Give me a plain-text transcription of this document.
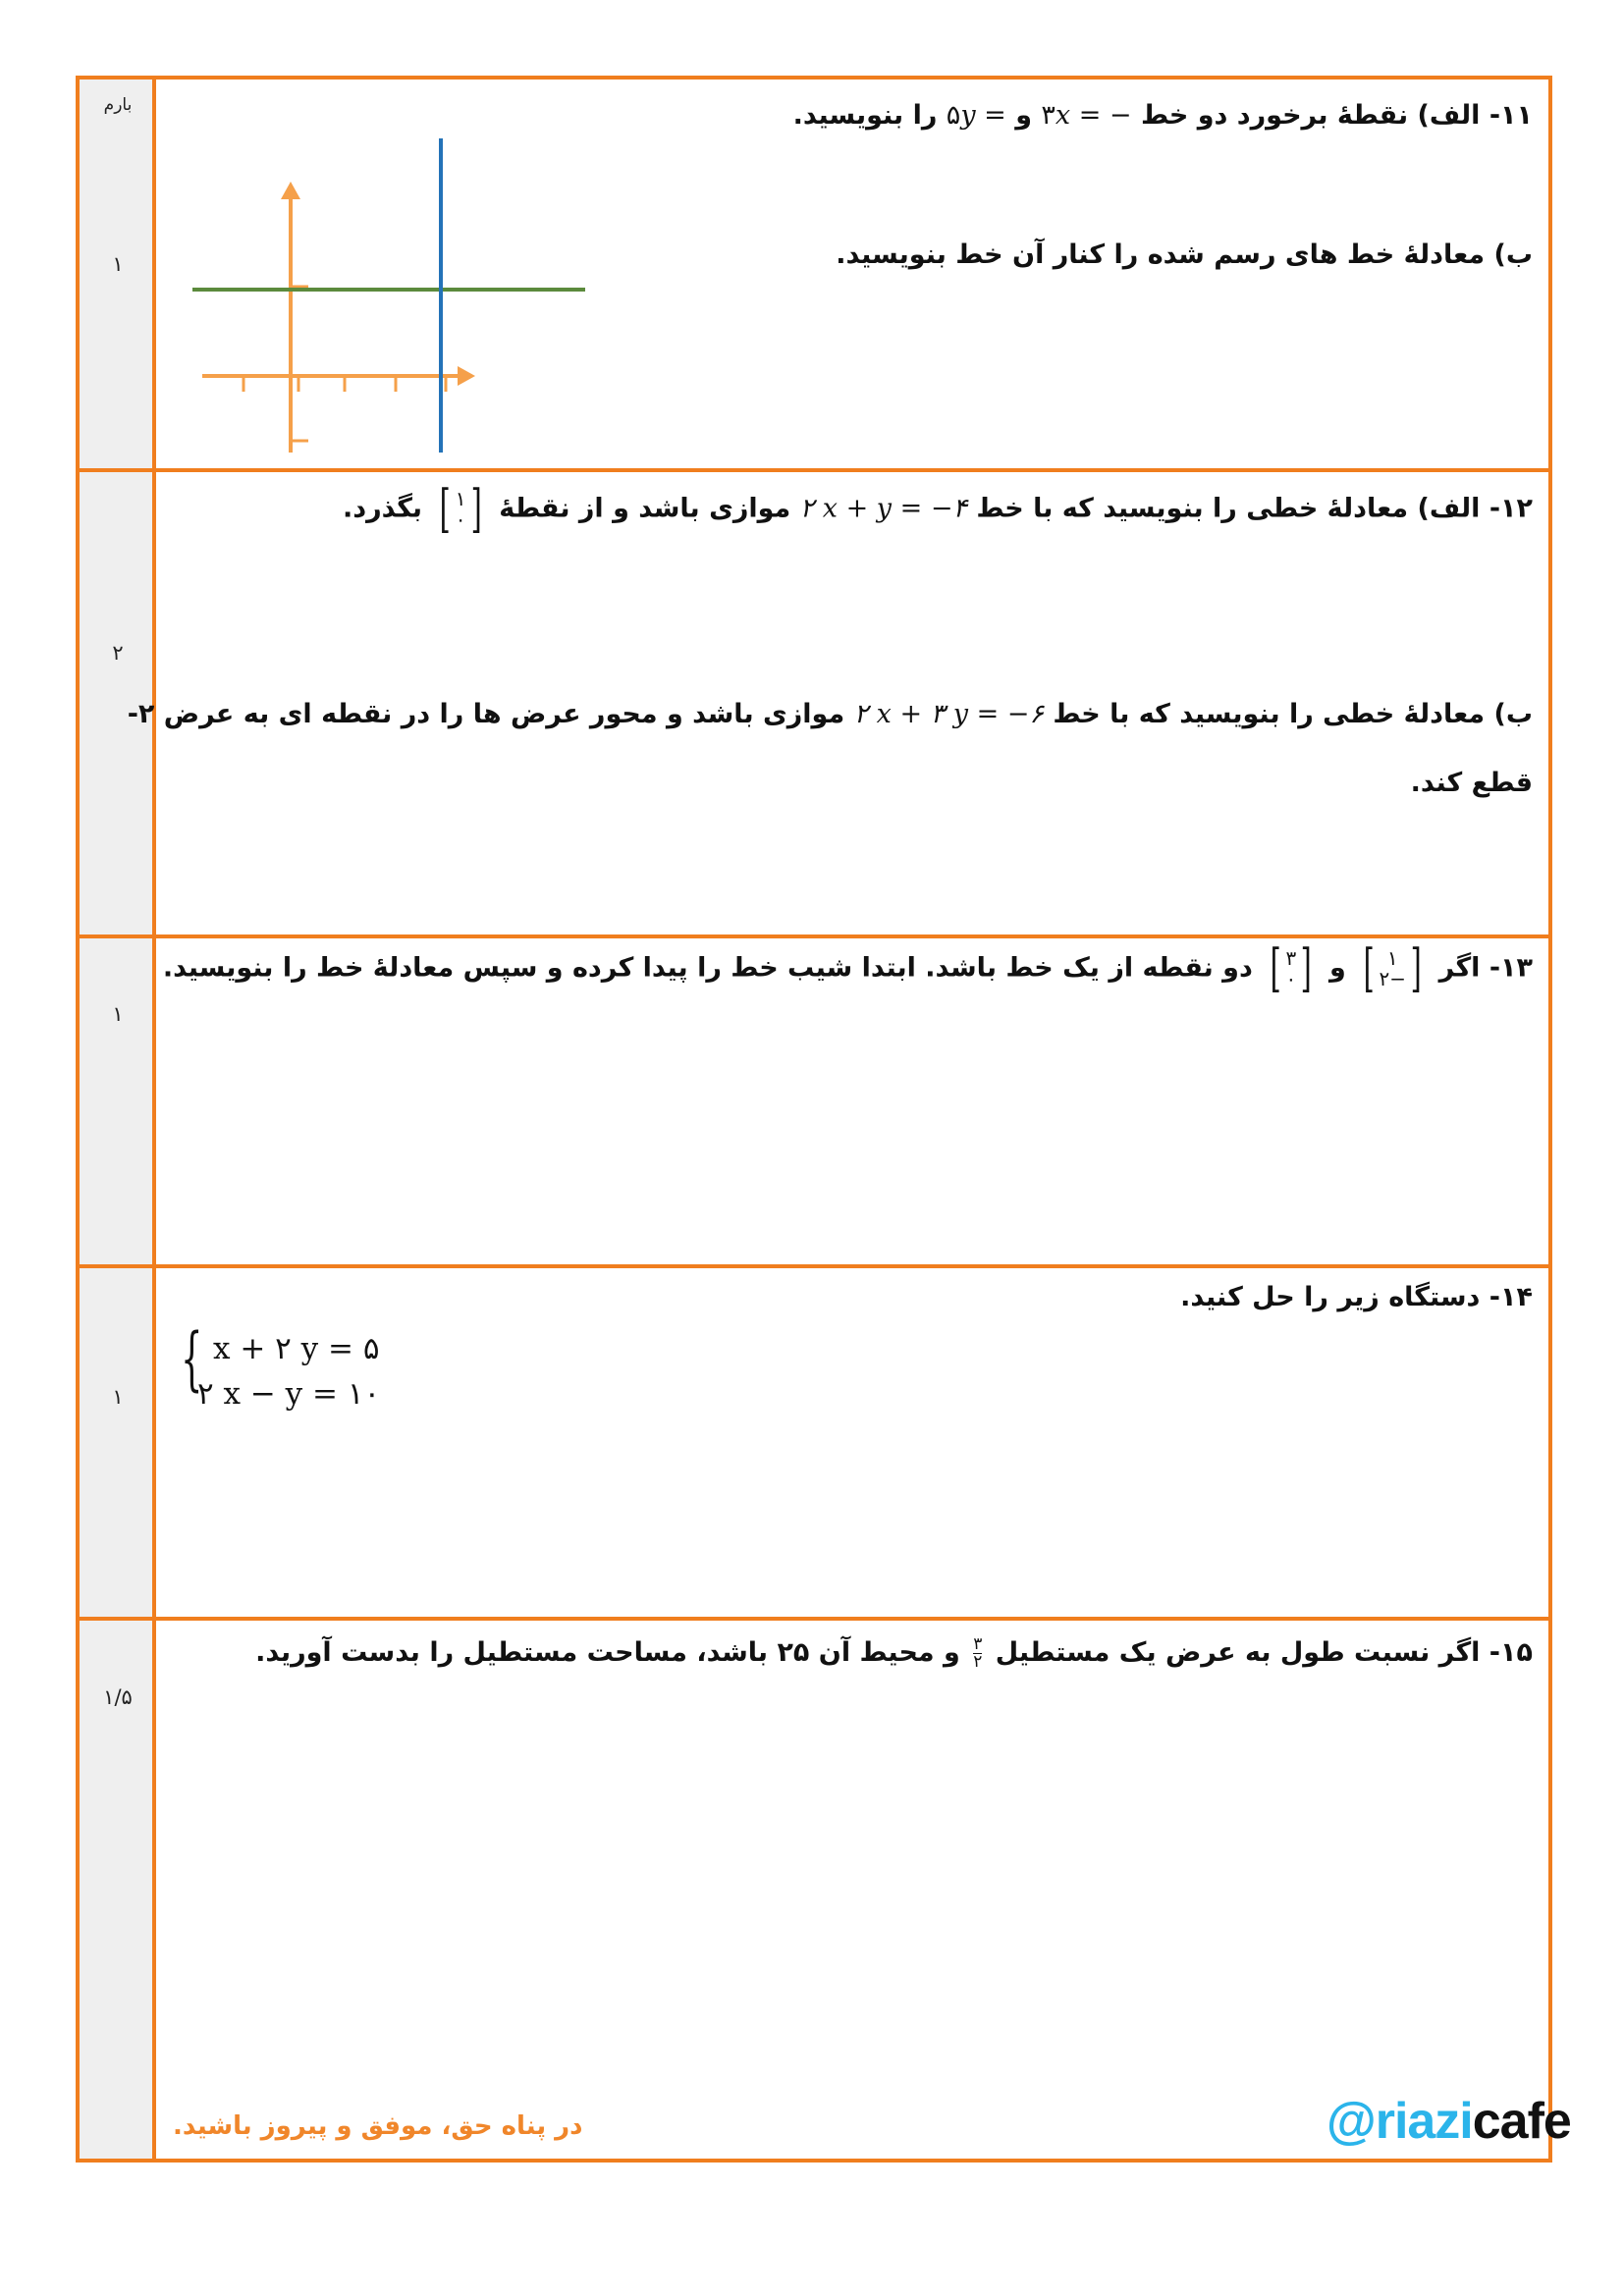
بارم
۱
۲
۱
۱
۱/۵
۱۱- الف) نقطهٔ برخورد دو خط ۳x = − و ۵y = را بنویسید.
ب) معادلهٔ خط های رسم شده را کنار آن خط بنویسید.
۱۲- الف) معادلهٔ خطی را بنویسید که با خط ۲ x + y = −۴ موازی باشد و از نقطهٔ
[ ۱
۰ ]
بگذرد.
ب) معادلهٔ خطی را بنویسید که با خط ۲ x + ۳ y = −۶ موازی باشد و محور عرض ها را در نقطه ای به عرض ۲-
قطع کند.
۱۳- اگر
[ ۱
۲− ]
و
[ ۳
۰ ]
دو نقطه از یک خط باشد. ابتدا شیب خط را پیدا کرده و سپس معادلهٔ خط را بنویسید.
۱۴- دستگاه زیر را حل کنید.
{ x + ۲ y = ۵
۲ x − y = ۱۰
۱۵- اگر نسبت طول به عرض یک مستطیل
$\frac{۳}{۲}$
و محیط آن ۲۵ باشد، مساحت مستطیل را بدست آورید.
در پناه حق، موفق و پیروز باشید.	@riazicafe
